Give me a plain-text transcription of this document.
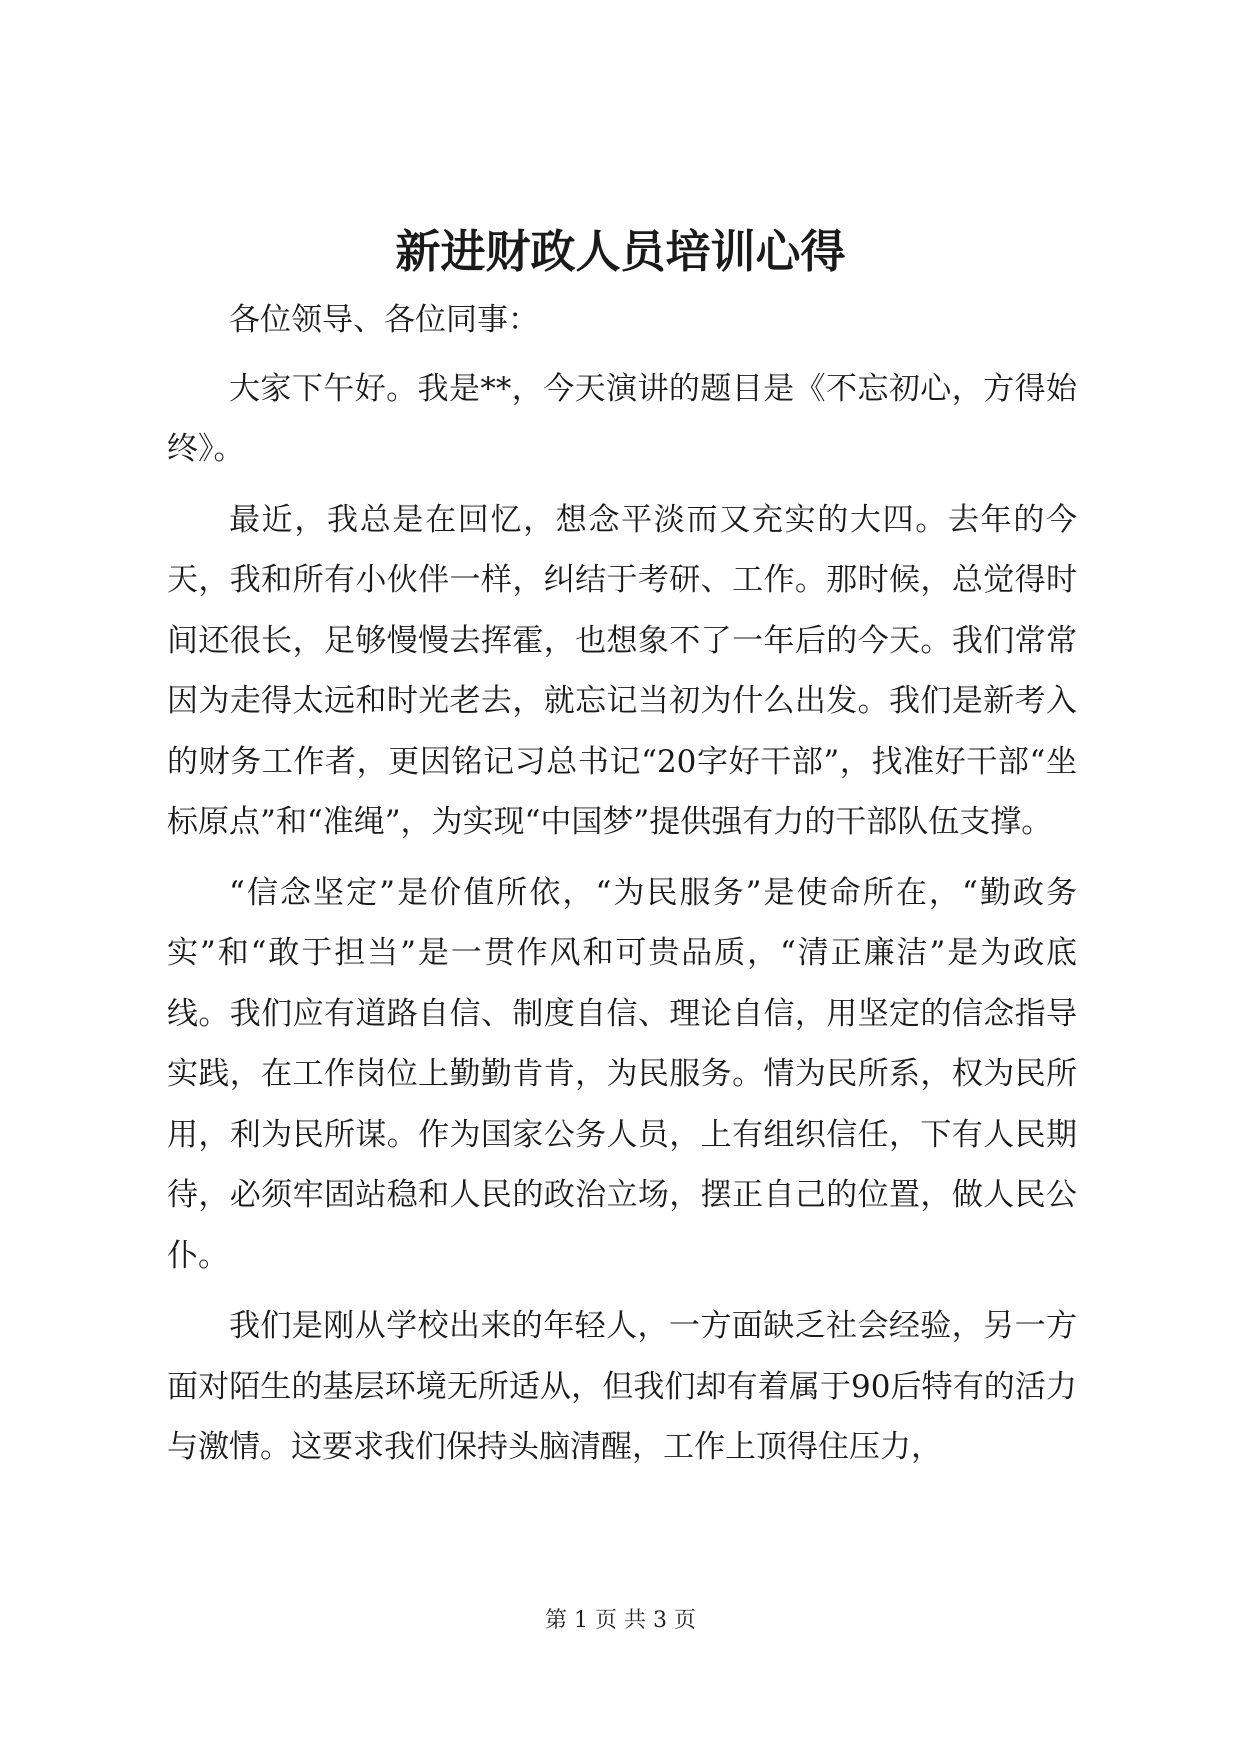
新进财政人员培训心得

各位领导、各位同事：

大家下午好。我是**，今天演讲的题目是《不忘初心，方得始终》。

最近，我总是在回忆，想念平淡而又充实的大四。去年的今天，我和所有小伙伴一样，纠结于考研、工作。那时候，总觉得时间还很长，足够慢慢去挥霍，也想象不了一年后的今天。我们常常因为走得太远和时光老去，就忘记当初为什么出发。我们是新考入的财务工作者，更因铭记习总书记“20字好干部”，找准好干部“坐标原点”和“准绳”，为实现“中国梦”提供强有力的干部队伍支撑。

“信念坚定”是价值所依，“为民服务”是使命所在，“勤政务实”和“敢于担当”是一贯作风和可贵品质，“清正廉洁”是为政底线。我们应有道路自信、制度自信、理论自信，用坚定的信念指导实践，在工作岗位上勤勤肯肯，为民服务。情为民所系，权为民所用，利为民所谋。作为国家公务人员，上有组织信任，下有人民期待，必须牢固站稳和人民的政治立场，摆正自己的位置，做人民公仆。

我们是刚从学校出来的年轻人，一方面缺乏社会经验，另一方面对陌生的基层环境无所适从，但我们却有着属于90后特有的活力与激情。这要求我们保持头脑清醒，工作上顶得住压力，

第 1 页 共 3 页
